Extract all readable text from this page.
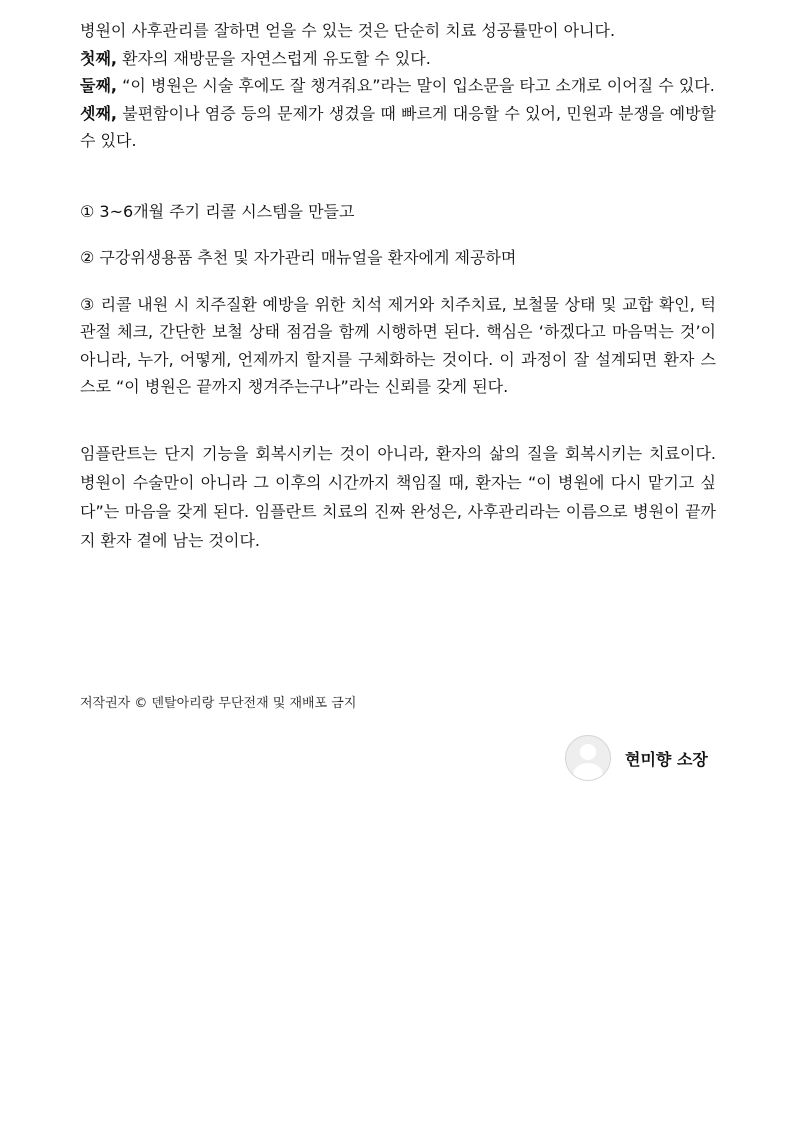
병원이 사후관리를 잘하면 얻을 수 있는 것은 단순히 치료 성공률만이 아니다.

첫째, 환자의 재방문을 자연스럽게 유도할 수 있다.

둘째, “이 병원은 시술 후에도 잘 챙겨줘요”라는 말이 입소문을 타고 소개로 이어질 수 있다.

셋째, 불편함이나 염증 등의 문제가 생겼을 때 빠르게 대응할 수 있어, 민원과 분쟁을 예방할 수 있다.

① 3~6개월 주기 리콜 시스템을 만들고

② 구강위생용품 추천 및 자가관리 매뉴얼을 환자에게 제공하며

③ 리콜 내원 시 치주질환 예방을 위한 치석 제거와 치주치료, 보철물 상태 및 교합 확인, 턱관절 체크, 간단한 보철 상태 점검을 함께 시행하면 된다. 핵심은 ‘하겠다고 마음먹는 것’이 아니라, 누가, 어떻게, 언제까지 할지를 구체화하는 것이다. 이 과정이 잘 설계되면 환자 스스로 “이 병원은 끝까지 챙겨주는구나”라는 신뢰를 갖게 된다.

임플란트는 단지 기능을 회복시키는 것이 아니라, 환자의 삶의 질을 회복시키는 치료이다. 병원이 수술만이 아니라 그 이후의 시간까지 책임질 때, 환자는 “이 병원에 다시 맡기고 싶다”는 마음을 갖게 된다. 임플란트 치료의 진짜 완성은, 사후관리라는 이름으로 병원이 끝까지 환자 곁에 남는 것이다.

저작권자 © 덴탈아리랑 무단전재 및 재배포 금지
현미향 소장
